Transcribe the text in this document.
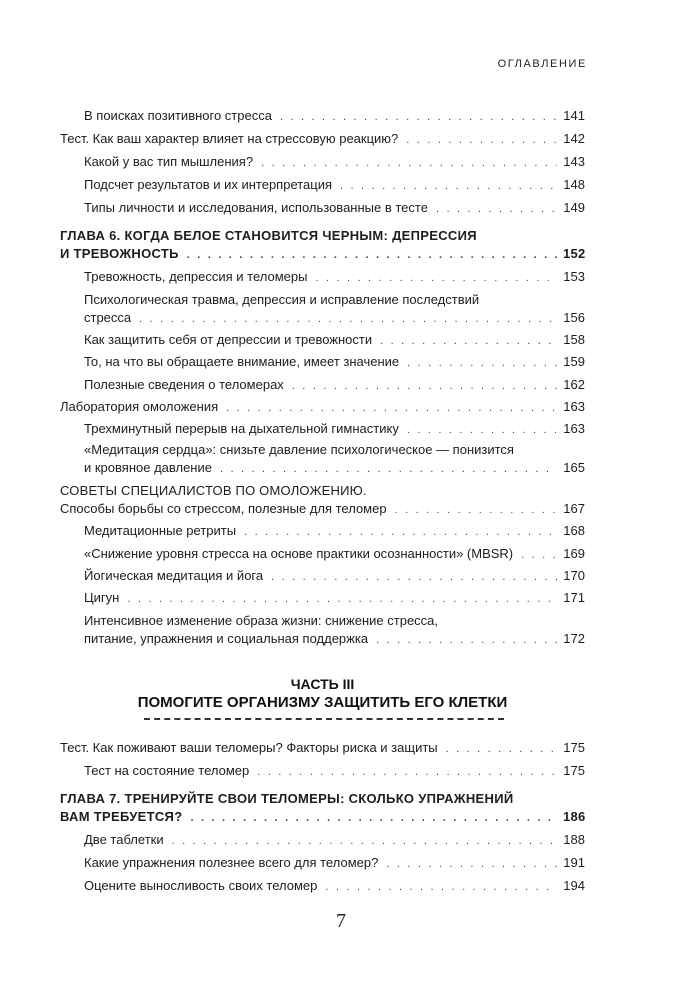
ОГЛАВЛЕНИЕ
В поисках позитивного стресса . . .	141
Тест. Как ваш характер влияет на стрессовую реакцию? . . .	142
Какой у вас тип мышления? . . .	143
Подсчет результатов и их интерпретация . . .	148
Типы личности и исследования, использованные в тесте . . .	149
ГЛАВА 6. КОГДА БЕЛОЕ СТАНОВИТСЯ ЧЕРНЫМ: ДЕПРЕССИЯ
И ТРЕВОЖНОСТЬ . . .	152
Тревожность, депрессия и теломеры . . .	153
Психологическая травма, депрессия и исправление последствий
стресса . . .	156
Как защитить себя от депрессии и тревожности . . .	158
То, на что вы обращаете внимание, имеет значение . . .	159
Полезные сведения о теломерах . . .	162
Лаборатория омоложения . . .	163
Трехминутный перерыв на дыхательной гимнастику . . .	163
«Медитация сердца»: снизьте давление психологическое — понизится
и кровяное давление . . .	165
СОВЕТЫ СПЕЦИАЛИСТОВ ПО ОМОЛОЖЕНИЮ.
Способы борьбы со стрессом, полезные для теломер . . .	167
Медитационные ретриты . . .	168
«Снижение уровня стресса на основе практики осознанности» (MBSR) . . .	169
Йогическая медитация и йога . . .	170
Цигун . . .	171
Интенсивное изменение образа жизни: снижение стресса,
питание, упражнения и социальная поддержка . . .	172
ЧАСТЬ III
ПОМОГИТЕ ОРГАНИЗМУ ЗАЩИТИТЬ ЕГО КЛЕТКИ
Тест. Как поживают ваши теломеры? Факторы риска и защиты . . .	175
Тест на состояние теломер . . .	175
ГЛАВА 7. ТРЕНИРУЙТЕ СВОИ ТЕЛОМЕРЫ: СКОЛЬКО УПРАЖНЕНИЙ
ВАМ ТРЕБУЕТСЯ? . . .	186
Две таблетки . . .	188
Какие упражнения полезнее всего для теломер? . . .	191
Оцените выносливость своих теломер . . .	194
7
